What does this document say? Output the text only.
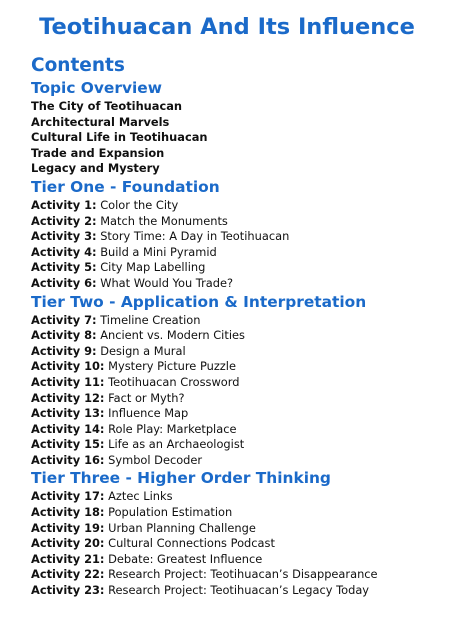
Teotihuacan And Its Influence
Contents
Topic Overview
The City of Teotihuacan
Architectural Marvels
Cultural Life in Teotihuacan
Trade and Expansion
Legacy and Mystery
Tier One - Foundation
Activity 1: Color the City
Activity 2: Match the Monuments
Activity 3: Story Time: A Day in Teotihuacan
Activity 4: Build a Mini Pyramid
Activity 5: City Map Labelling
Activity 6: What Would You Trade?
Tier Two - Application & Interpretation
Activity 7: Timeline Creation
Activity 8: Ancient vs. Modern Cities
Activity 9: Design a Mural
Activity 10: Mystery Picture Puzzle
Activity 11: Teotihuacan Crossword
Activity 12: Fact or Myth?
Activity 13: Influence Map
Activity 14: Role Play: Marketplace
Activity 15: Life as an Archaeologist
Activity 16: Symbol Decoder
Tier Three - Higher Order Thinking
Activity 17: Aztec Links
Activity 18: Population Estimation
Activity 19: Urban Planning Challenge
Activity 20: Cultural Connections Podcast
Activity 21: Debate: Greatest Influence
Activity 22: Research Project: Teotihuacan’s Disappearance
Activity 23: Research Project: Teotihuacan’s Legacy Today
